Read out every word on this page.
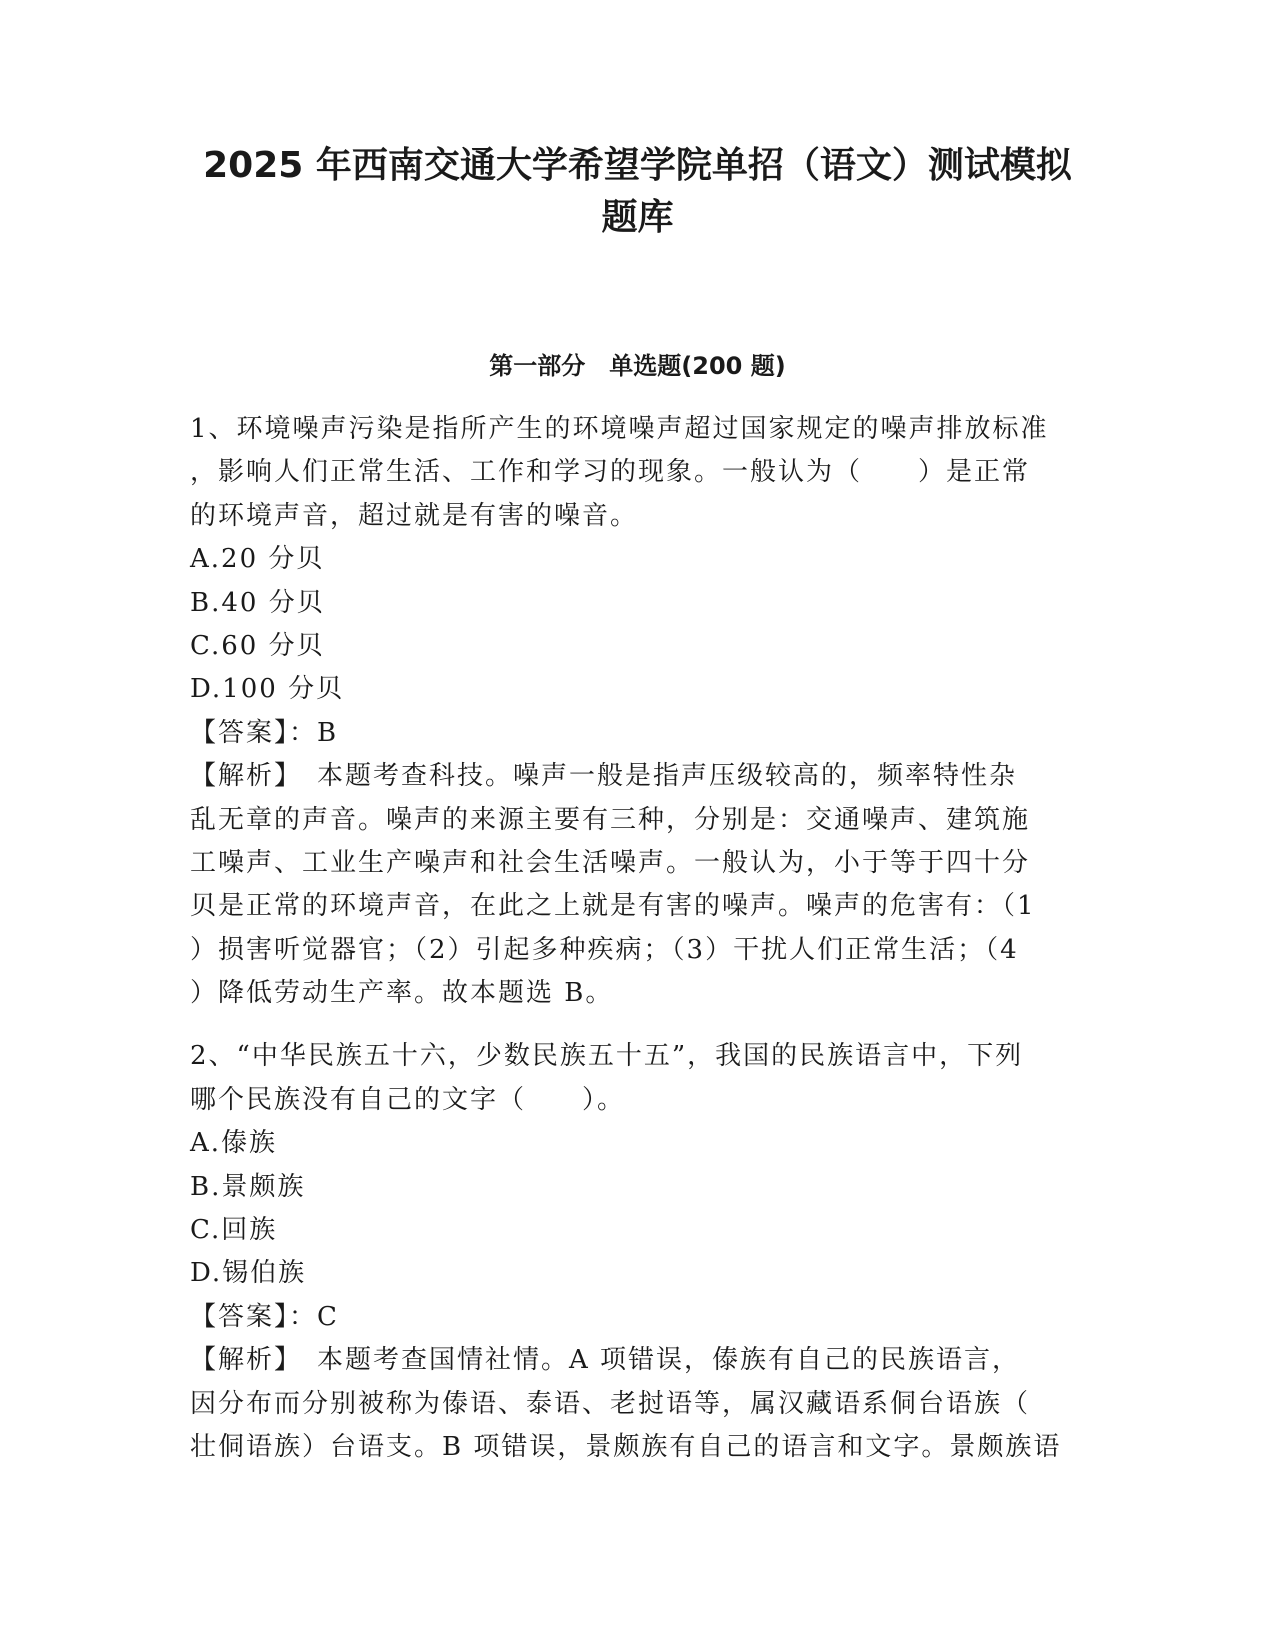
2025 年西南交通大学希望学院单招（语文）测试模拟
题库
第一部分　单选题(200 题)
1、环境噪声污染是指所产生的环境噪声超过国家规定的噪声排放标准
，影响人们正常生活、工作和学习的现象。一般认为（　　）是正常
的环境声音，超过就是有害的噪音。
A.20 分贝
B.40 分贝
C.60 分贝
D.100 分贝
【答案】：B
【解析】　本题考查科技。噪声一般是指声压级较高的，频率特性杂
乱无章的声音。噪声的来源主要有三种，分别是：交通噪声、建筑施
工噪声、工业生产噪声和社会生活噪声。一般认为，小于等于四十分
贝是正常的环境声音，在此之上就是有害的噪声。噪声的危害有：（1
）损害听觉器官；（2）引起多种疾病；（3）干扰人们正常生活；（4
）降低劳动生产率。故本题选 B。
2、“中华民族五十六，少数民族五十五”，我国的民族语言中，下列
哪个民族没有自己的文字（　　）。
A.傣族
B.景颇族
C.回族
D.锡伯族
【答案】：C
【解析】　本题考查国情社情。A 项错误，傣族有自己的民族语言，
因分布而分别被称为傣语、泰语、老挝语等，属汉藏语系侗台语族（
壮侗语族）台语支。B 项错误，景颇族有自己的语言和文字。景颇族语
